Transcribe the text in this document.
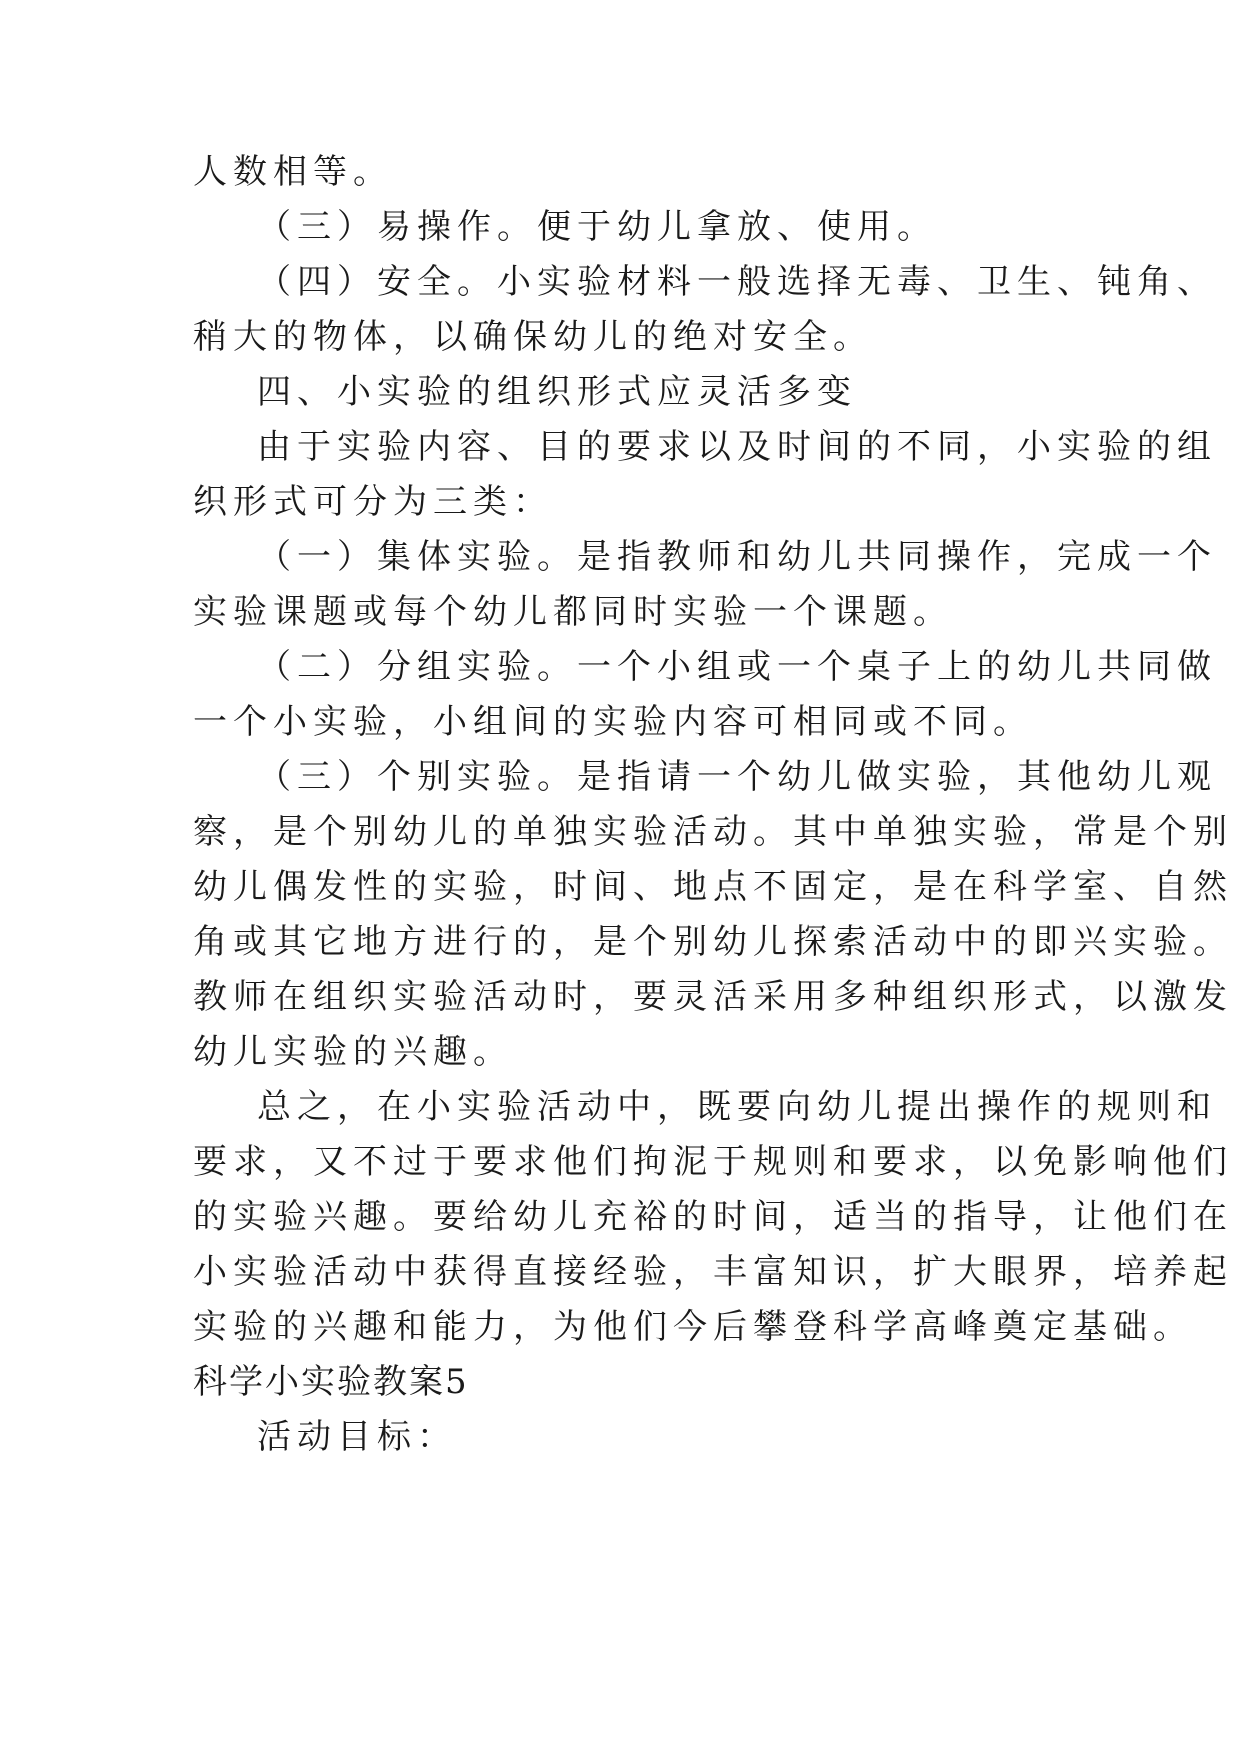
人数相等。
（三）易操作。便于幼儿拿放、使用。
（四）安全。小实验材料一般选择无毒、卫生、钝角、
稍大的物体，以确保幼儿的绝对安全。
四、小实验的组织形式应灵活多变
由于实验内容、目的要求以及时间的不同，小实验的组
织形式可分为三类：
（一）集体实验。是指教师和幼儿共同操作，完成一个
实验课题或每个幼儿都同时实验一个课题。
（二）分组实验。一个小组或一个桌子上的幼儿共同做
一个小实验，小组间的实验内容可相同或不同。
（三）个别实验。是指请一个幼儿做实验，其他幼儿观
察，是个别幼儿的单独实验活动。其中单独实验，常是个别
幼儿偶发性的实验，时间、地点不固定，是在科学室、自然
角或其它地方进行的，是个别幼儿探索活动中的即兴实验。
教师在组织实验活动时，要灵活采用多种组织形式，以激发
幼儿实验的兴趣。
总之，在小实验活动中，既要向幼儿提出操作的规则和
要求，又不过于要求他们拘泥于规则和要求，以免影响他们
的实验兴趣。要给幼儿充裕的时间，适当的指导，让他们在
小实验活动中获得直接经验，丰富知识，扩大眼界，培养起
实验的兴趣和能力，为他们今后攀登科学高峰奠定基础。
科学小实验教案5
活动目标：
